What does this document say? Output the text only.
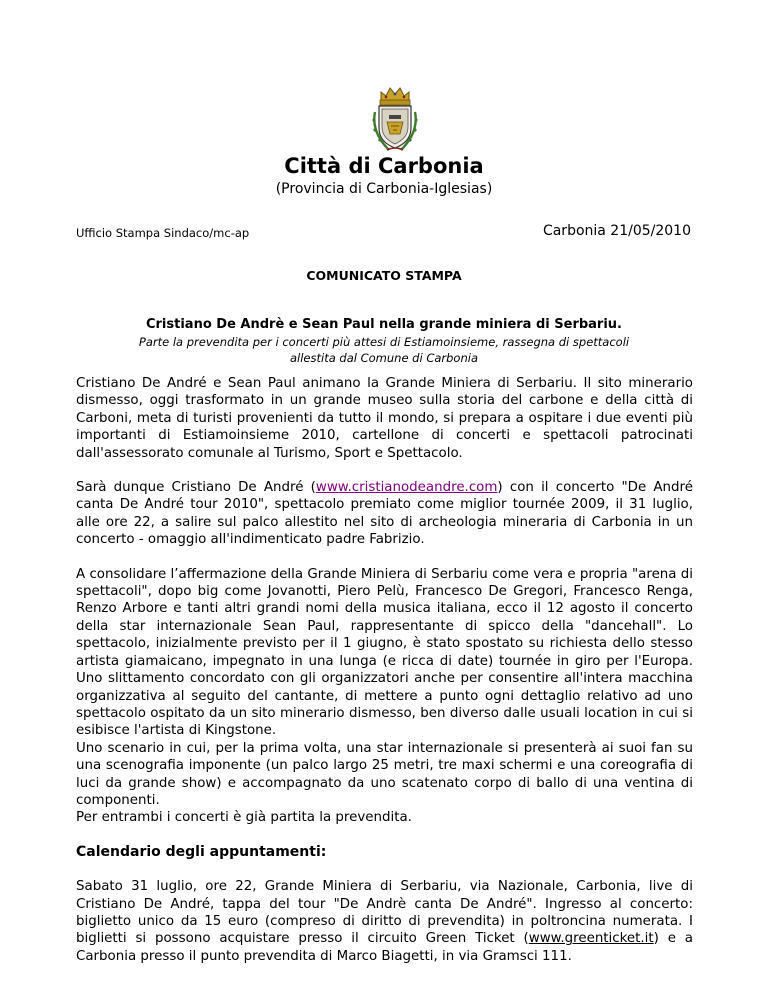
Città di Carbonia
(Provincia di Carbonia-Iglesias)
Ufficio Stampa Sindaco/mc-ap	Carbonia 21/05/2010
COMUNICATO STAMPA
Cristiano De Andrè e Sean Paul nella grande miniera di Serbariu.
Parte la prevendita per i concerti più attesi di Estiamoinsieme, rassegna di spettacoli allestita dal Comune di Carbonia

Cristiano De André e Sean Paul animano la Grande Miniera di Serbariu. Il sito minerario dismesso, oggi trasformato in un grande museo sulla storia del carbone e della città di Carboni, meta di turisti provenienti da tutto il mondo, si prepara a ospitare i due eventi più importanti di Estiamoinsieme 2010, cartellone di concerti e spettacoli patrocinati dall'assessorato comunale al Turismo, Sport e Spettacolo.

Sarà dunque Cristiano De André (www.cristianodeandre.com) con il concerto "De André canta De André tour 2010", spettacolo premiato come miglior tournée 2009, il 31 luglio, alle ore 22, a salire sul palco allestito nel sito di archeologia mineraria di Carbonia in un concerto - omaggio all'indimenticato padre Fabrizio.

A consolidare l’affermazione della Grande Miniera di Serbariu come vera e propria "arena di spettacoli", dopo big come Jovanotti, Piero Pelù, Francesco De Gregori, Francesco Renga, Renzo Arbore e tanti altri grandi nomi della musica italiana, ecco il 12 agosto il concerto della star internazionale Sean Paul, rappresentante di spicco della "dancehall". Lo spettacolo, inizialmente previsto per il 1 giugno, è stato spostato su richiesta dello stesso artista giamaicano, impegnato in una lunga (e ricca di date) tournée in giro per l'Europa. Uno slittamento concordato con gli organizzatori anche per consentire all'intera macchina organizzativa al seguito del cantante, di mettere a punto ogni dettaglio relativo ad uno spettacolo ospitato da un sito minerario dismesso, ben diverso dalle usuali location in cui si esibisce l'artista di Kingstone.

Uno scenario in cui, per la prima volta, una star internazionale si presenterà ai suoi fan su una scenografia imponente (un palco largo 25 metri, tre maxi schermi e una coreografia di luci da grande show) e accompagnato da uno scatenato corpo di ballo di una ventina di componenti.

Per entrambi i concerti è già partita la prevendita.

Calendario degli appuntamenti:

Sabato 31 luglio, ore 22, Grande Miniera di Serbariu, via Nazionale, Carbonia, live di Cristiano De André, tappa del tour "De Andrè canta De André". Ingresso al concerto: biglietto unico da 15 euro (compreso di diritto di prevendita) in poltroncina numerata. I biglietti si possono acquistare presso il circuito Green Ticket (www.greenticket.it) e a Carbonia presso il punto prevendita di Marco Biagetti, in via Gramsci 111.
